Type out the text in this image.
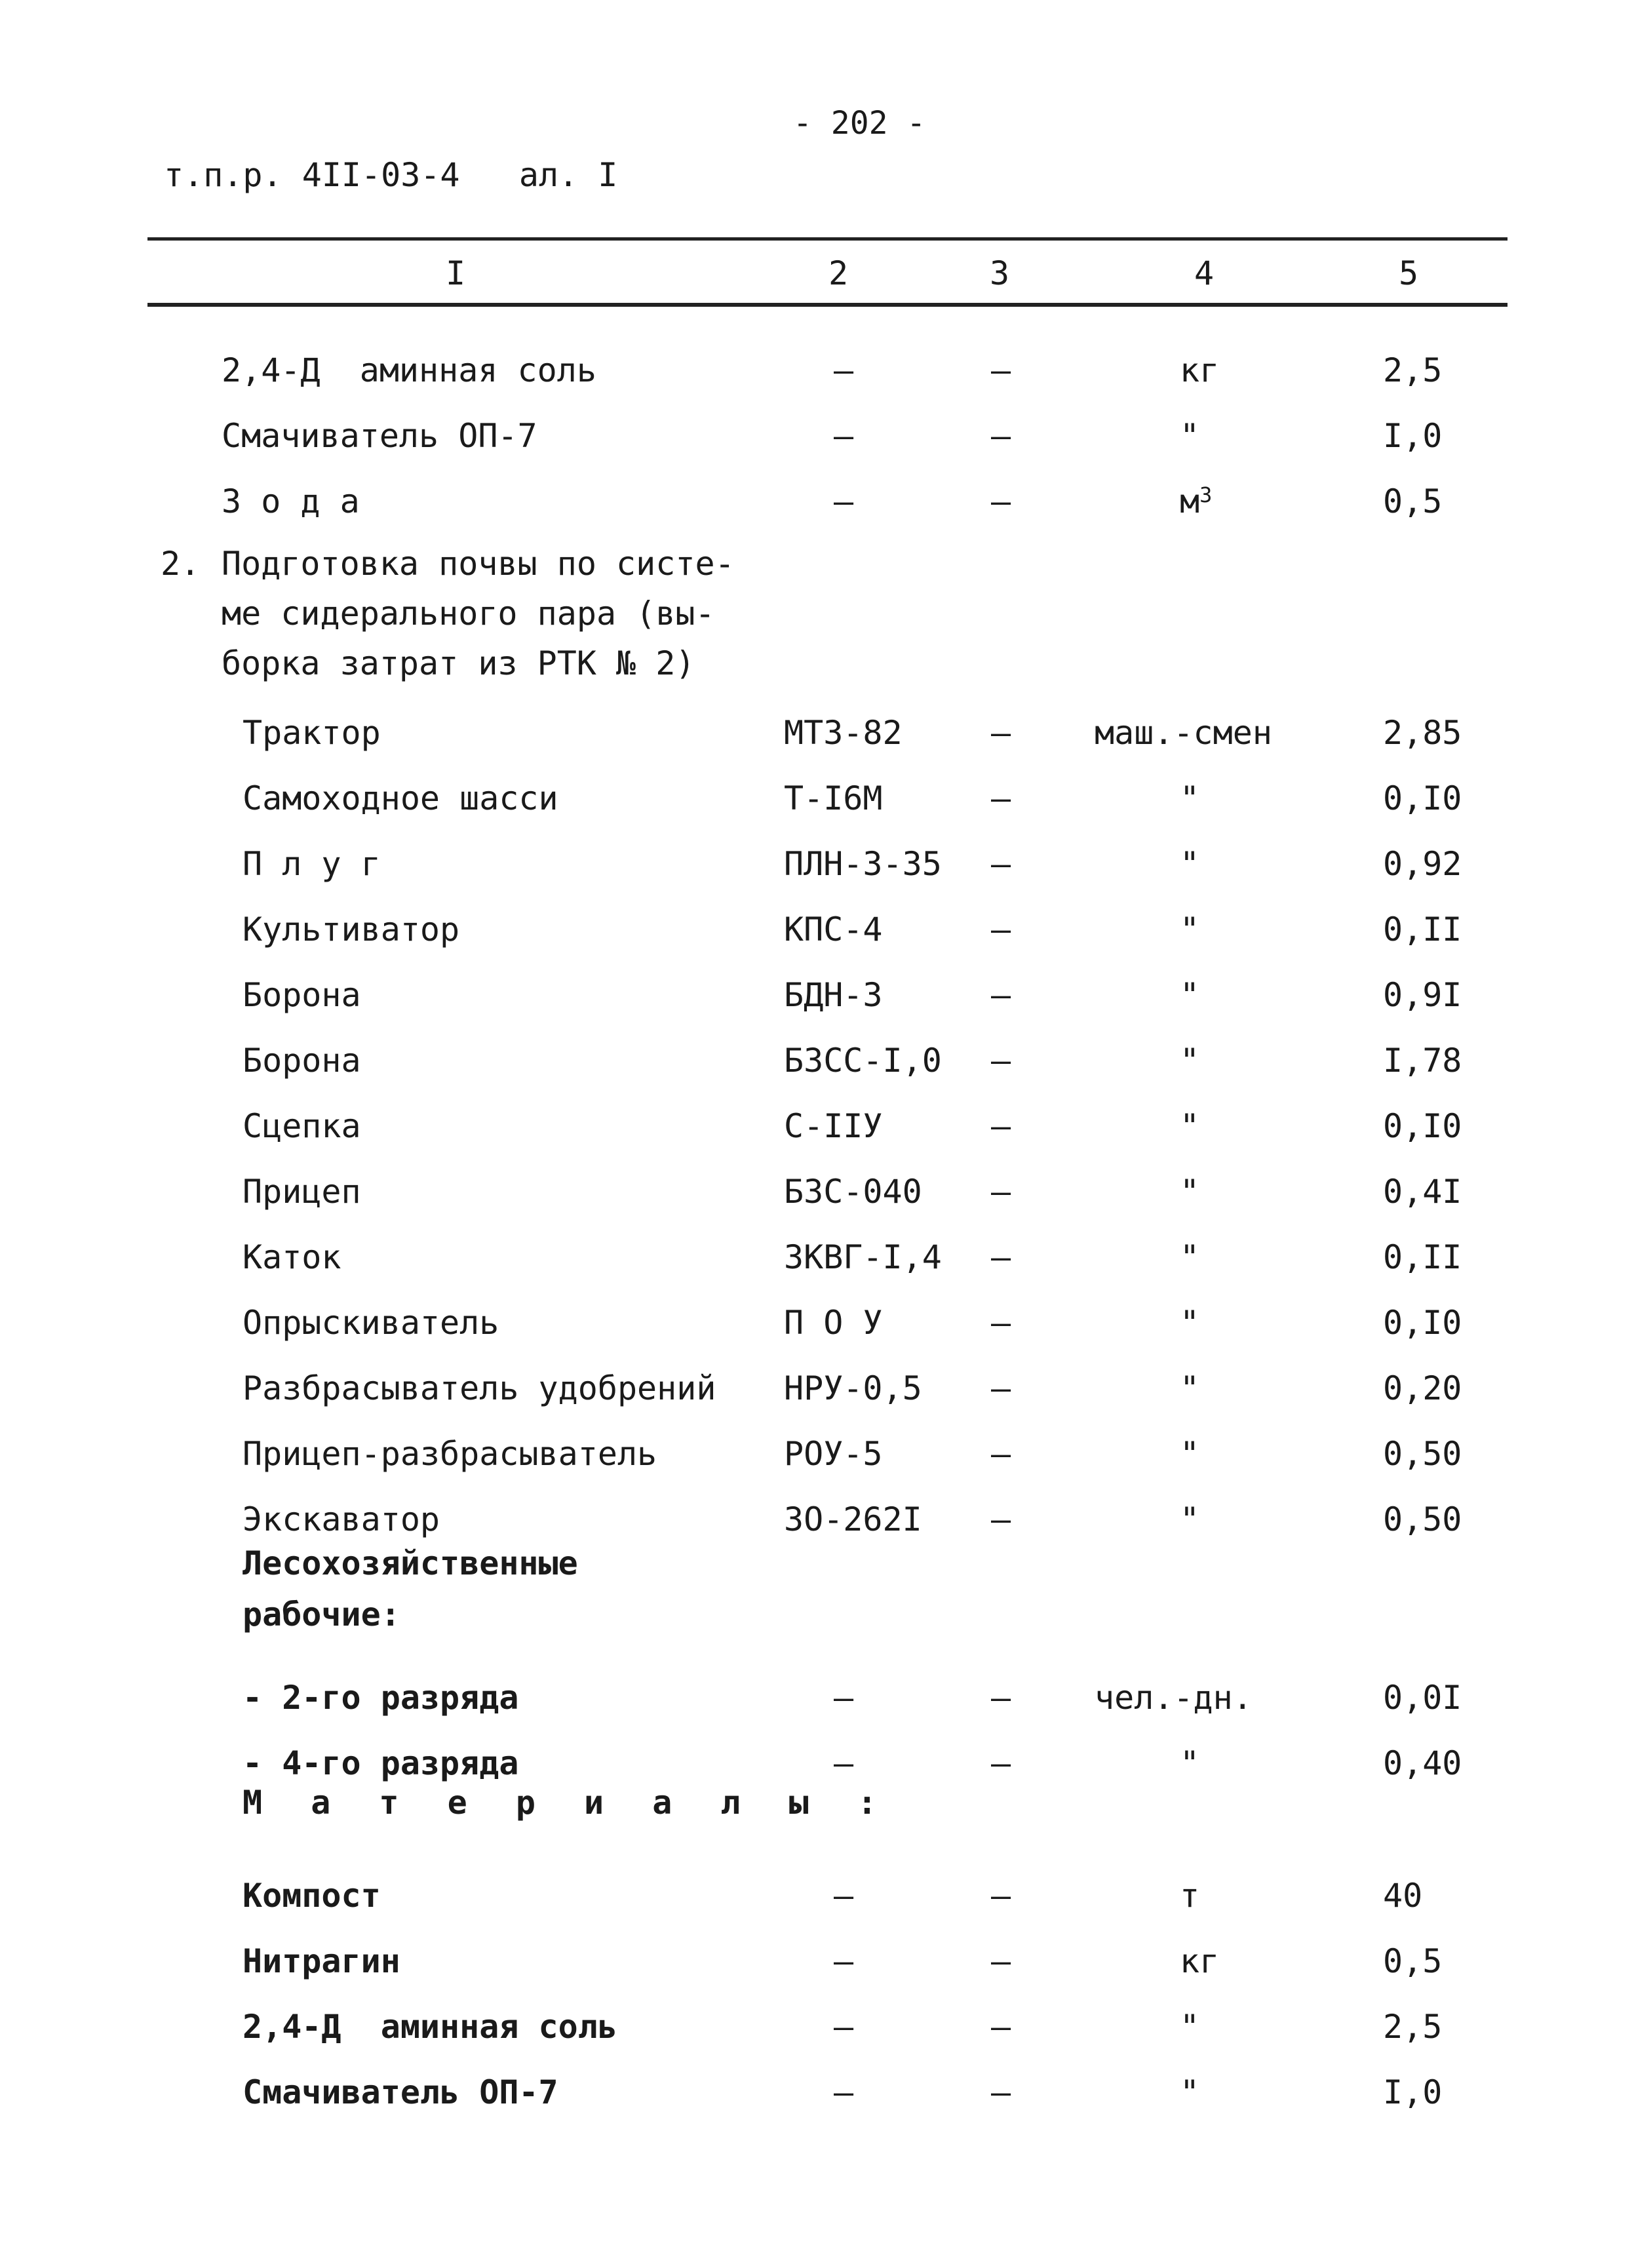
- 202 -
т.п.р. 4II-03-4   ал. I
I	2	3	4	5
2,4-Д  аминная соль	–	–	кг	2,5
Смачиватель ОП-7	–	–	"	I,0
З о д а	–	–	$м^3$	0,5

2.

Подготовка почвы по систе-

ме сидерального пара (вы-

борка затрат из РТК № 2)

Трактор	МТЗ-82	–	маш.-смен	2,85
Самоходное шасси	Т-I6М	–	"	0,I0
П л у г	ПЛН-3-35 –	"	0,92
Культиватор	КПС-4	–	"	0,II
Борона	БДН-3	–	"	0,9I
Борона	БЗСС-I,0 –	"	I,78
Сцепка	С-IIУ	–	"	0,I0
Прицеп	БЗС-040 –	"	0,4I
Каток	ЗКВГ-I,4 –	"	0,II
Опрыскиватель	П О У	–	"	0,I0
Разбрасыватель удобрений НРУ-0,5 –	"	0,20
Прицеп-разбрасыватель	РОУ-5	–	"	0,50
Экскаватор	ЗО-262I –	"	0,50
Лесохозяйственные
рабочие:
- 2-го разряда	–	–	чел.-дн.	0,0I
- 4-го разряда	–	–	"	0,40
М а т е р и а л ы :
Компост	–	–	т	40
Нитрагин	–	–	кг	0,5
2,4-Д  аминная соль	–	–	"	2,5
Смачиватель ОП-7	–	–	"	I,0
